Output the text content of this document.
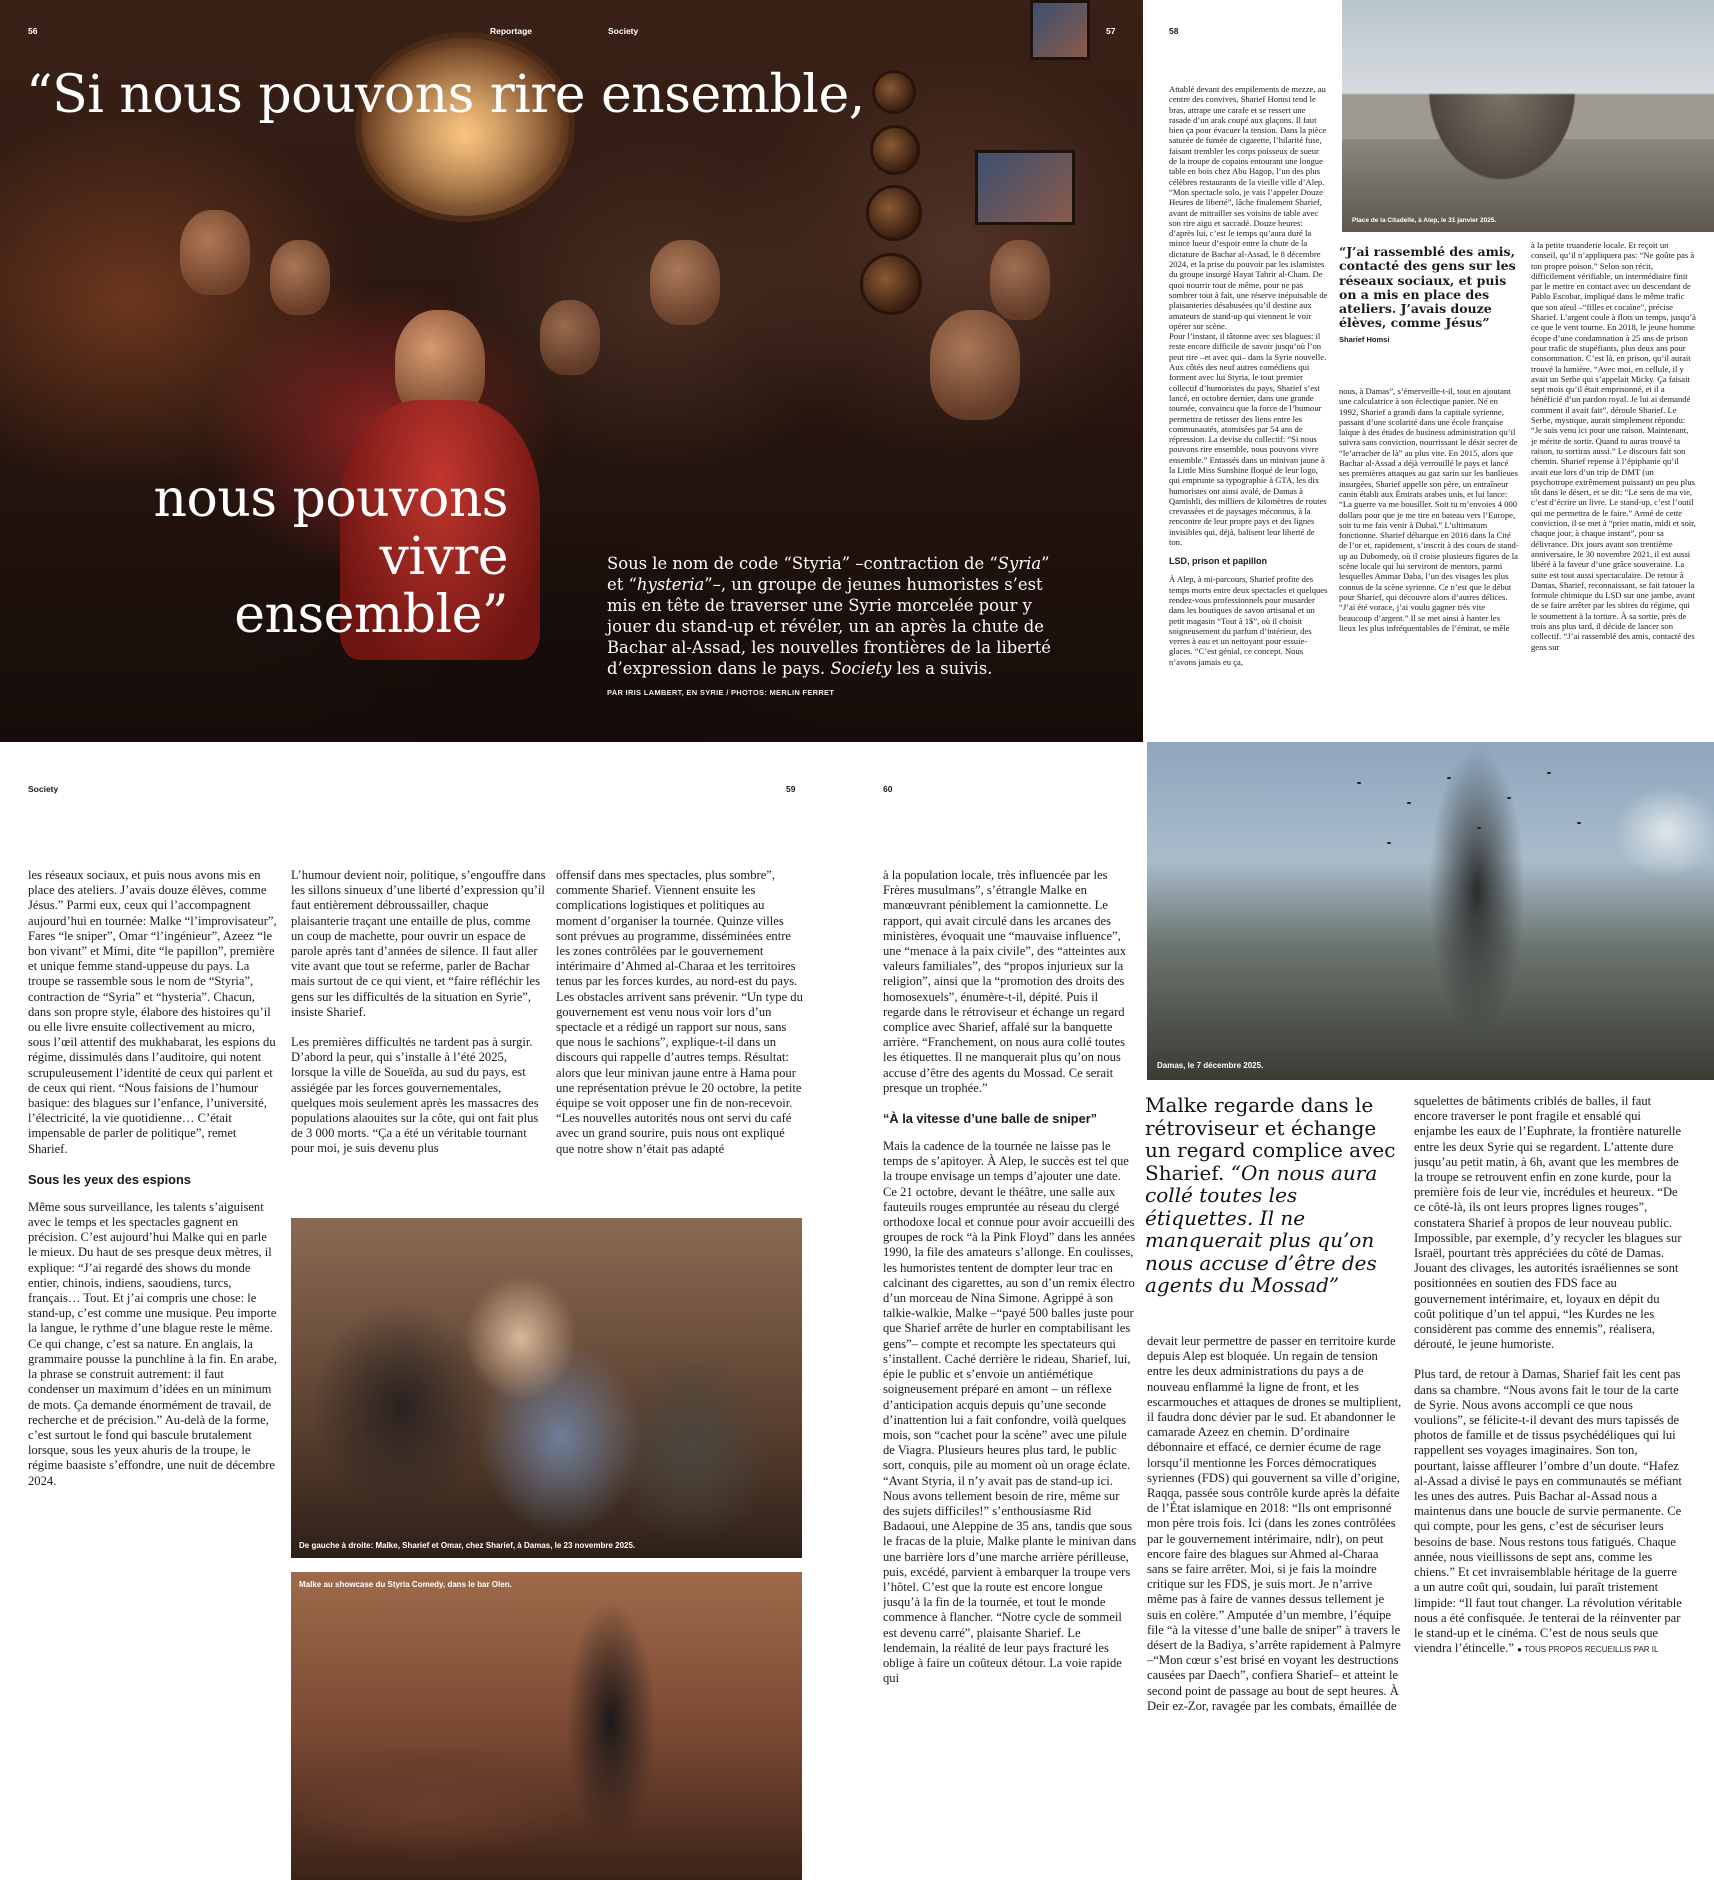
56	Reportage	Society	57
“Si nous pouvons rire ensemble,
nous pouvons vivre ensemble”
Sous le nom de code “Styria” –contraction de “Syria” et “hysteria”–, un groupe de jeunes humoristes s’est mis en tête de traverser une Syrie morcelée pour y jouer du stand-up et révéler, un an après la chute de Bachar al-Assad, les nouvelles frontières de la liberté d’expression dans le pays. Society les a suivis.
PAR IRIS LAMBERT, EN SYRIE / PHOTOS: MERLIN FERRET
58
Place de la Citadelle, à Alep, le 31 janvier 2025.

Attablé devant des empilements de mezze, au centre des convives, Sharief Homsi tend le bras, attrape une carafe et se ressert une rasade d’un arak coupé aux glaçons. Il faut bien ça pour évacuer la tension. Dans la pièce saturée de fumée de cigarette, l’hilarité fuse, faisant trembler les corps poisseux de sueur de la troupe de copains entourant une longue table en bois chez Abu Hagop, l’un des plus célèbres restaurants de la vieille ville d’Alep. “Mon spectacle solo, je vais l’appeler Douze Heures de liberté”, lâche finalement Sharief, avant de mitrailler ses voisins de table avec son rire aigu et saccadé. Douze heures: d’après lui, c’est le temps qu’aura duré la mince lueur d’espoir entre la chute de la dictature de Bachar al-Assad, le 8 décembre 2024, et la prise du pouvoir par les islamistes du groupe insurgé Hayat Tahrir al-Cham. De quoi nourrir tout de même, pour ne pas sombrer tout à fait, une réserve inépuisable de plaisanteries désabusées qu’il destine aux amateurs de stand-up qui viennent le voir opérer sur scène.

Pour l’instant, il tâtonne avec ses blagues: il reste encore difficile de savoir jusqu’où l’on peut rire –et avec qui– dans la Syrie nouvelle. Aux côtés des neuf autres comédiens qui forment avec lui Styria, le tout premier collectif d’humoristes du pays, Sharief s’est lancé, en octobre dernier, dans une grande tournée, convaincu que la force de l’humour permettra de retisser des liens entre les communautés, atomisées par 54 ans de répression. La devise du collectif: “Si nous pouvons rire ensemble, nous pouvons vivre ensemble.” Entassés dans un minivan jaune à la Little Miss Sunshine floqué de leur logo, qui emprunte sa typographie à GTA, les dix humoristes ont ainsi avalé, de Damas à Qamishli, des milliers de kilomètres de routes crevassées et de paysages méconnus, à la rencontre de leur propre pays et des lignes invisibles qui, déjà, balisent leur liberté de ton.

LSD, prison et papillon

À Alep, à mi-parcours, Sharief profite des temps morts entre deux spectacles et quelques rendez-vous professionnels pour musarder dans les boutiques de savon artisanal et un petit magasin “Tout à 1$”, où il choisit soigneusement du parfum d’intérieur, des verres à eau et un nettoyant pour essuie-glaces. “C’est génial, ce concept. Nous n’avons jamais eu ça,

“J’ai rassemblé des amis, contacté des gens sur les réseaux sociaux, et puis on a mis en place des ateliers. J’avais douze élèves, comme Jésus” Sharief Homsi

nous, à Damas”, s’émerveille-t-il, tout en ajoutant une calculatrice à son éclectique panier. Né en 1992, Sharief a grandi dans la capitale syrienne, passant d’une scolarité dans une école française laïque à des études de business administration qu’il suivra sans conviction, nourrissant le désir secret de “le’arracher de là” au plus vite. En 2015, alors que Bachar al-Assad a déjà verrouillé le pays et lancé ses premières attaques au gaz sarin sur les banlieues insurgées, Sharief appelle son père, un entraîneur canin établi aux Émirats arabes unis, et lui lance: “La guerre va me bousiller. Soit tu m’envoies 4 000 dollars pour que je me tire en bateau vers l’Europe, soit tu me fais venir à Dubaï.” L’ultimatum fonctionne. Sharief débarque en 2016 dans la Cité de l’or et, rapidement, s’inscrit à des cours de stand-up au Dubomedy, où il croise plusieurs figures de la scène locale qui lui serviront de mentors, parmi lesquelles Ammar Daba, l’un des visages les plus connus de la scène syrienne. Ce n’est que le début pour Sharief, qui découvre alors d’autres délices. “J’ai été vorace, j’ai voulu gagner très vite beaucoup d’argent.” Il se met ainsi à hanter les lieux les plus infréquentables de l’émirat, se mêle

à la petite truanderie locale. Et reçoit un conseil, qu’il n’appliquera pas: “Ne goûte pas à ton propre poison.” Selon son récit, difficilement vérifiable, un intermédiaire finit par le mettre en contact avec un descendant de Pablo Escobar, impliqué dans le même trafic que son aïeul –“filles et cocaïne”, précise Sharief. L’argent coule à flots un temps, jusqu’à ce que le vent tourne. En 2018, le jeune homme écope d’une condamnation à 25 ans de prison pour trafic de stupéfiants, plus deux ans pour consommation. C’est là, en prison, qu’il aurait trouvé la lumière. “Avec moi, en cellule, il y avait un Serbe qui s’appelait Micky. Ça faisait sept mois qu’il était emprisonné, et il a bénéficié d’un pardon royal. Je lui ai demandé comment il avait fait”, déroule Sharief. Le Serbe, mystique, aurait simplement répondu: “Je suis venu ici pour une raison. Maintenant, je mérite de sortir. Quand tu auras trouvé ta raison, tu sortiras aussi.” Le discours fait son chemin. Sharief repense à l’épiphanie qu’il avait eue lors d’un trip de DMT (un psychotrope extrêmement puissant) un peu plus tôt dans le désert, et se dit: “Le sens de ma vie, c’est d’écrire un livre. Le stand-up, c’est l’outil qui me permettra de le faire.” Armé de cette conviction, il se met à “prier matin, midi et soir, chaque jour, à chaque instant”, pour sa délivrance. Dix jours avant son trentième anniversaire, le 30 novembre 2021, il est aussi libéré à la faveur d’une grâce souveraine. La suite est tout aussi spectaculaire. De retour à Damas, Sharief, reconnaissant, se fait tatouer la formule chimique du LSD sur une jambe, avant de se faire arrêter par les sbires du régime, qui le soumettent à la torture. À sa sortie, près de trois ans plus tard, il décide de lancer son collectif. “J’ai rassemblé des amis, contacté des gens sur

Society	59

les réseaux sociaux, et puis nous avons mis en place des ateliers. J’avais douze élèves, comme Jésus.” Parmi eux, ceux qui l’accompagnent aujourd’hui en tournée: Malke “l’improvisateur”, Fares “le sniper”, Omar “l’ingénieur”, Azeez “le bon vivant” et Mimi, dite “le papillon”, première et unique femme stand-uppeuse du pays. La troupe se rassemble sous le nom de “Styria”, contraction de “Syria” et “hysteria”. Chacun, dans son propre style, élabore des histoires qu’il ou elle livre ensuite collectivement au micro, sous l’œil attentif des mukhabarat, les espions du régime, dissimulés dans l’auditoire, qui notent scrupuleusement l’identité de ceux qui parlent et de ceux qui rient. “Nous faisions de l’humour basique: des blagues sur l’enfance, l’université, l’électricité, la vie quotidienne… C’était impensable de parler de politique”, remet Sharief.

Sous les yeux des espions

Même sous surveillance, les talents s’aiguisent avec le temps et les spectacles gagnent en précision. C’est aujourd’hui Malke qui en parle le mieux. Du haut de ses presque deux mètres, il explique: “J’ai regardé des shows du monde entier, chinois, indiens, saoudiens, turcs, français… Tout. Et j’ai compris une chose: le stand-up, c’est comme une musique. Peu importe la langue, le rythme d’une blague reste le même. Ce qui change, c’est sa nature. En anglais, la grammaire pousse la punchline à la fin. En arabe, la phrase se construit autrement: il faut condenser un maximum d’idées en un minimum de mots. Ça demande énormément de travail, de recherche et de précision.” Au-delà de la forme, c’est surtout le fond qui bascule brutalement lorsque, sous les yeux ahuris de la troupe, le régime baasiste s’effondre, une nuit de décembre 2024.

L’humour devient noir, politique, s’engouffre dans les sillons sinueux d’une liberté d’expression qu’il faut entièrement débroussailler, chaque plaisanterie traçant une entaille de plus, comme un coup de machette, pour ouvrir un espace de parole après tant d’années de silence. Il faut aller vite avant que tout se referme, parler de Bachar mais surtout de ce qui vient, et “faire réfléchir les gens sur les difficultés de la situation en Syrie”, insiste Sharief.

Les premières difficultés ne tardent pas à surgir. D’abord la peur, qui s’installe à l’été 2025, lorsque la ville de Soueïda, au sud du pays, est assiégée par les forces gouvernementales, quelques mois seulement après les massacres des populations alaouites sur la côte, qui ont fait plus de 3 000 morts. “Ça a été un véritable tournant pour moi, je suis devenu plus

offensif dans mes spectacles, plus sombre”, commente Sharief. Viennent ensuite les complications logistiques et politiques au moment d’organiser la tournée. Quinze villes sont prévues au programme, disséminées entre les zones contrôlées par le gouvernement intérimaire d’Ahmed al-Charaa et les territoires tenus par les forces kurdes, au nord-est du pays. Les obstacles arrivent sans prévenir. “Un type du gouvernement est venu nous voir lors d’un spectacle et a rédigé un rapport sur nous, sans que nous le sachions”, explique-t-il dans un discours qui rappelle d’autres temps. Résultat: alors que leur minivan jaune entre à Hama pour une représentation prévue le 20 octobre, la petite équipe se voit opposer une fin de non-recevoir. “Les nouvelles autorités nous ont servi du café avec un grand sourire, puis nous ont expliqué que notre show n’était pas adapté

De gauche à droite: Malke, Sharief et Omar, chez Sharief, à Damas, le 23 novembre 2025.
Malke au showcase du Styria Comedy, dans le bar Olen.
60

à la population locale, très influencée par les Frères musulmans”, s’étrangle Malke en manœuvrant péniblement la camionnette. Le rapport, qui avait circulé dans les arcanes des ministères, évoquait une “mauvaise influence”, une “menace à la paix civile”, des “atteintes aux valeurs familiales”, des “propos injurieux sur la religion”, ainsi que la “promotion des droits des homosexuels”, énumère-t-il, dépité. Puis il regarde dans le rétroviseur et échange un regard complice avec Sharief, affalé sur la banquette arrière. “Franchement, on nous aura collé toutes les étiquettes. Il ne manquerait plus qu’on nous accuse d’être des agents du Mossad. Ce serait presque un trophée.”

“À la vitesse d’une balle de sniper”

Mais la cadence de la tournée ne laisse pas le temps de s’apitoyer. À Alep, le succès est tel que la troupe envisage un temps d’ajouter une date. Ce 21 octobre, devant le théâtre, une salle aux fauteuils rouges empruntée au réseau du clergé orthodoxe local et connue pour avoir accueilli des groupes de rock “à la Pink Floyd” dans les années 1990, la file des amateurs s’allonge. En coulisses, les humoristes tentent de dompter leur trac en calcinant des cigarettes, au son d’un remix électro d’un morceau de Nina Simone. Agrippé à son talkie-walkie, Malke –“payé 500 balles juste pour que Sharief arrête de hurler en comptabilisant les gens”– compte et recompte les spectateurs qui s’installent. Caché derrière le rideau, Sharief, lui, épie le public et s’envoie un antiémétique soigneusement préparé en amont – un réflexe d’anticipation acquis depuis qu’une seconde d’inattention lui a fait confondre, voilà quelques mois, son “cachet pour la scène” avec une pilule de Viagra. Plusieurs heures plus tard, le public sort, conquis, pile au moment où un orage éclate. “Avant Styria, il n’y avait pas de stand-up ici. Nous avons tellement besoin de rire, même sur des sujets difficiles!” s’enthousiasme Rid Badaoui, une Aleppine de 35 ans, tandis que sous le fracas de la pluie, Malke plante le minivan dans une barrière lors d’une marche arrière périlleuse, puis, excédé, parvient à embarquer la troupe vers l’hôtel. C’est que la route est encore longue jusqu’à la fin de la tournée, et tout le monde commence à flancher. “Notre cycle de sommeil est devenu carré”, plaisante Sharief. Le lendemain, la réalité de leur pays fracturé les oblige à faire un coûteux détour. La voie rapide qui

Damas, le 7 décembre 2025.
Malke regarde dans le rétroviseur et échange un regard complice avec Sharief. “On nous aura collé toutes les étiquettes. Il ne manquerait plus qu’on nous accuse d’être des agents du Mossad”

devait leur permettre de passer en territoire kurde depuis Alep est bloquée. Un regain de tension entre les deux administrations du pays a de nouveau enflammé la ligne de front, et les escarmouches et attaques de drones se multiplient, il faudra donc dévier par le sud. Et abandonner le camarade Azeez en chemin. D’ordinaire débonnaire et effacé, ce dernier écume de rage lorsqu’il mentionne les Forces démocratiques syriennes (FDS) qui gouvernent sa ville d’origine, Raqqa, passée sous contrôle kurde après la défaite de l’État islamique en 2018: “Ils ont emprisonné mon père trois fois. Ici (dans les zones contrôlées par le gouvernement intérimaire, ndlr), on peut encore faire des blagues sur Ahmed al-Charaa sans se faire arrêter. Moi, si je fais la moindre critique sur les FDS, je suis mort. Je n’arrive même pas à faire de vannes dessus tellement je suis en colère.” Amputée d’un membre, l’équipe file “à la vitesse d’une balle de sniper” à travers le désert de la Badiya, s’arrête rapidement à Palmyre –“Mon cœur s’est brisé en voyant les destructions causées par Daech”, confiera Sharief– et atteint le second point de passage au bout de sept heures. À Deir ez-Zor, ravagée par les combats, émaillée de

squelettes de bâtiments criblés de balles, il faut encore traverser le pont fragile et ensablé qui enjambe les eaux de l’Euphrate, la frontière naturelle entre les deux Syrie qui se regardent. L’attente dure jusqu’au petit matin, à 6h, avant que les membres de la troupe se retrouvent enfin en zone kurde, pour la première fois de leur vie, incrédules et heureux. “De ce côté-là, ils ont leurs propres lignes rouges”, constatera Sharief à propos de leur nouveau public. Impossible, par exemple, d’y recycler les blagues sur Israël, pourtant très appréciées du côté de Damas. Jouant des clivages, les autorités israéliennes se sont positionnées en soutien des FDS face au gouvernement intérimaire, et, loyaux en dépit du coût politique d’un tel appui, “les Kurdes ne les considèrent pas comme des ennemis”, réalisera, dérouté, le jeune humoriste.

Plus tard, de retour à Damas, Sharief fait les cent pas dans sa chambre. “Nous avons fait le tour de la carte de Syrie. Nous avons accompli ce que nous voulions”, se félicite-t-il devant des murs tapissés de photos de famille et de tissus psychédéliques qui lui rappellent ses voyages imaginaires. Son ton, pourtant, laisse affleurer l’ombre d’un doute. “Hafez al-Assad a divisé le pays en communautés se méfiant les unes des autres. Puis Bachar al-Assad nous a maintenus dans une boucle de survie permanente. Ce qui compte, pour les gens, c’est de sécuriser leurs besoins de base. Nous restons tous fatigués. Chaque année, nous vieillissons de sept ans, comme les chiens.” Et cet invraisemblable héritage de la guerre a un autre coût qui, soudain, lui paraît tristement limpide: “Il faut tout changer. La révolution véritable nous a été confisquée. Je tenterai de la réinventer par le stand-up et le cinéma. C’est de nous seuls que viendra l’étincelle.” ● TOUS PROPOS RECUEILLIS PAR IL
